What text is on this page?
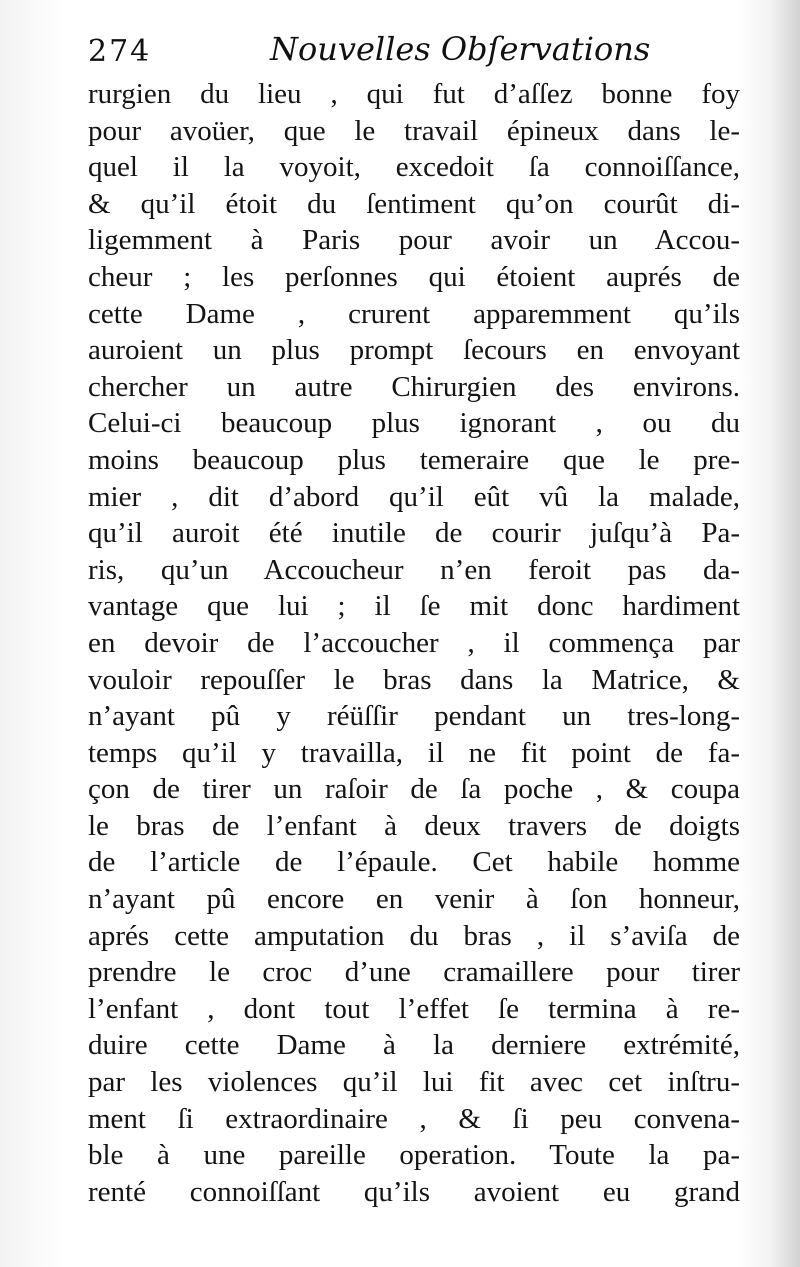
274	Nouvelles Obſervations
rurgien du lieu , qui fut d’aſſez bonne foy
pour avoüer, que le travail épineux dans le-
quel il la voyoit, excedoit ſa connoiſſance,
& qu’il étoit du ſentiment qu’on courût di-
ligemment à Paris pour avoir un Accou-
cheur ; les perſonnes qui étoient auprés de
cette Dame , crurent apparemment qu’ils
auroient un plus prompt ſecours en envoyant
chercher un autre Chirurgien des environs.
Celui-ci beaucoup plus ignorant , ou du
moins beaucoup plus temeraire que le pre-
mier , dit d’abord qu’il eût vû la malade,
qu’il auroit été inutile de courir juſqu’à Pa-
ris, qu’un Accoucheur n’en feroit pas da-
vantage que lui ; il ſe mit donc hardiment
en devoir de l’accoucher , il commença par
vouloir repouſſer le bras dans la Matrice, &
n’ayant pû y réüſſir pendant un tres-long-
temps qu’il y travailla, il ne fit point de fa-
çon de tirer un raſoir de ſa poche , & coupa
le bras de l’enfant à deux travers de doigts
de l’article de l’épaule. Cet habile homme
n’ayant pû encore en venir à ſon honneur,
aprés cette amputation du bras , il s’aviſa de
prendre le croc d’une cramaillere pour tirer
l’enfant , dont tout l’effet ſe termina à re-
duire cette Dame à la derniere extrémité,
par les violences qu’il lui fit avec cet inſtru-
ment ſi extraordinaire , & ſi peu convena-
ble à une pareille operation. Toute la pa-
renté connoiſſant qu’ils avoient eu grand
